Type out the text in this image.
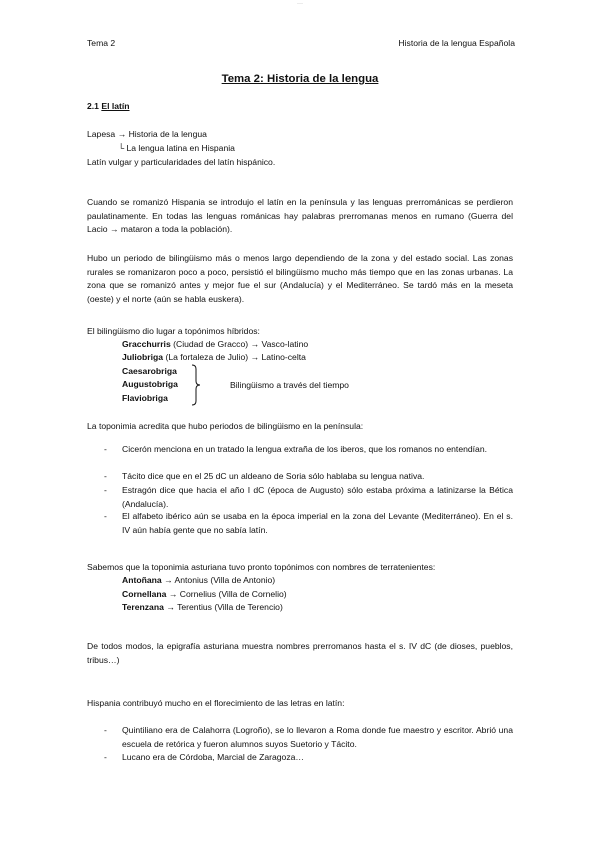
···
Tema 2	Historia de la lengua Española
Tema 2: Historia de la lengua
2.1 El latín
Lapesa → Historia de la lengua
└ La lengua latina en Hispania
Latín vulgar y particularidades del latín hispánico.
Cuando se romanizó Hispania se introdujo el latín en la península y las lenguas prerrománicas se perdieron paulatinamente. En todas las lenguas románicas hay palabras prerromanas menos en rumano (Guerra del Lacio → mataron a toda la población).
Hubo un periodo de bilingüismo más o menos largo dependiendo de la zona y del estado social. Las zonas rurales se romanizaron poco a poco, persistió el bilingüismo mucho más tiempo que en las zonas urbanas. La zona que se romanizó antes y mejor fue el sur (Andalucía) y el Mediterráneo. Se tardó más en la meseta (oeste) y el norte (aún se habla euskera).
El bilingüismo dio lugar a topónimos híbridos:
Gracchurris (Ciudad de Gracco) → Vasco-latino
Juliobriga (La fortaleza de Julio) → Latino-celta
Caesarobriga
Augustobriga
Flaviobriga
Bilingüismo a través del tiempo
La toponimia acredita que hubo periodos de bilingüismo en la península:
- Cicerón menciona en un tratado la lengua extraña de los iberos, que los romanos no entendían.
- Tácito dice que en el 25 dC un aldeano de Soria sólo hablaba su lengua nativa.
- Estragón dice que hacia el año I dC (época de Augusto) sólo estaba próxima a latinizarse la Bética (Andalucía).
- El alfabeto ibérico aún se usaba en la época imperial en la zona del Levante (Mediterráneo). En el s. IV aún había gente que no sabía latín.
Sabemos que la toponimia asturiana tuvo pronto topónimos con nombres de terratenientes:
Antoñana → Antonius (Villa de Antonio)
Cornellana → Cornelius (Villa de Cornelio)
Terenzana → Terentius (Villa de Terencio)
De todos modos, la epigrafía asturiana muestra nombres prerromanos hasta el s. IV dC (de dioses, pueblos, tribus…)
Hispania contribuyó mucho en el florecimiento de las letras en latín:
- Quintiliano era de Calahorra (Logroño), se lo llevaron a Roma donde fue maestro y escritor. Abrió una escuela de retórica y fueron alumnos suyos Suetorio y Tácito.
- Lucano era de Córdoba, Marcial de Zaragoza…
